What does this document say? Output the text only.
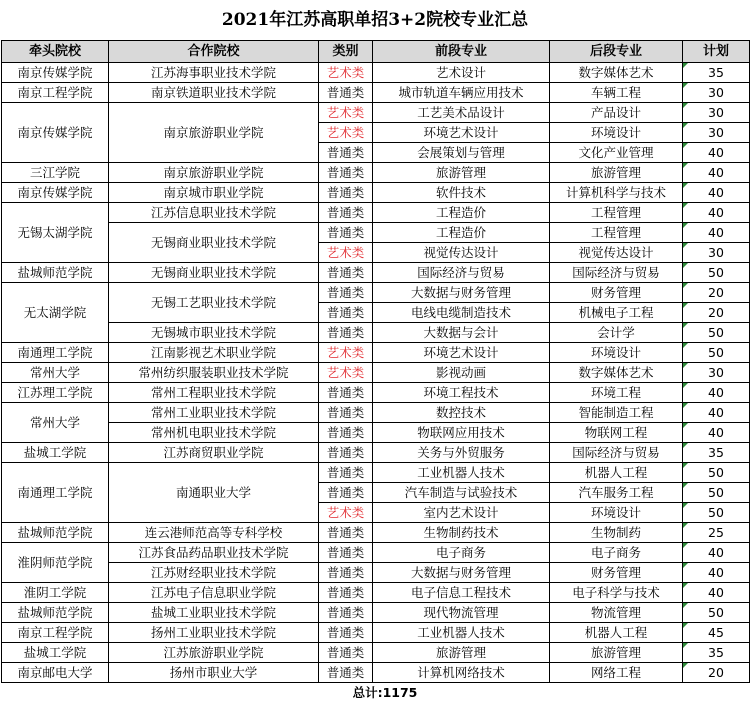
2021年江苏高职单招3+2院校专业汇总
牵头院校	合作院校	类别	前段专业	后段专业	计划
南京传媒学院	江苏海事职业技术学院	艺术类	艺术设计	数字媒体艺术	35
南京工程学院	南京铁道职业技术学院	普通类	城市轨道车辆应用技术	车辆工程	30
南京传媒学院	南京旅游职业学院	艺术类	工艺美术品设计	产品设计	30
		艺术类	环境艺术设计	环境设计	30
		普通类	会展策划与管理	文化产业管理	40
三江学院	南京旅游职业学院	普通类	旅游管理	旅游管理	40
南京传媒学院	南京城市职业学院	普通类	软件技术	计算机科学与技术	40
无锡太湖学院	江苏信息职业技术学院	普通类	工程造价	工程管理	40
	无锡商业职业技术学院	普通类	工程造价	工程管理	40
		艺术类	视觉传达设计	视觉传达设计	30
盐城师范学院	无锡商业职业技术学院	普通类	国际经济与贸易	国际经济与贸易	50
无太湖学院	无锡工艺职业技术学院	普通类	大数据与财务管理	财务管理	20
		普通类	电线电缆制造技术	机械电子工程	20
	无锡城市职业技术学院	普通类	大数据与会计	会计学	50
南通理工学院	江南影视艺术职业学院	艺术类	环境艺术设计	环境设计	50
常州大学	常州纺织服装职业技术学院	艺术类	影视动画	数字媒体艺术	30
江苏理工学院	常州工程职业技术学院	普通类	环境工程技术	环境工程	40
常州大学	常州工业职业技术学院	普通类	数控技术	智能制造工程	40
	常州机电职业技术学院	普通类	物联网应用技术	物联网工程	40
盐城工学院	江苏商贸职业学院	普通类	关务与外贸服务	国际经济与贸易	35
南通理工学院	南通职业大学	普通类	工业机器人技术	机器人工程	50
		普通类	汽车制造与试验技术	汽车服务工程	50
		艺术类	室内艺术设计	环境设计	50
盐城师范学院	连云港师范高等专科学校	普通类	生物制药技术	生物制药	25
淮阴师范学院	江苏食品药品职业技术学院	普通类	电子商务	电子商务	40
	江苏财经职业技术学院	普通类	大数据与财务管理	财务管理	40
淮阴工学院	江苏电子信息职业学院	普通类	电子信息工程技术	电子科学与技术	40
盐城师范学院	盐城工业职业技术学院	普通类	现代物流管理	物流管理	50
南京工程学院	扬州工业职业技术学院	普通类	工业机器人技术	机器人工程	45
盐城工学院	江苏旅游职业学院	普通类	旅游管理	旅游管理	35
南京邮电大学	扬州市职业大学	普通类	计算机网络技术	网络工程	20
总计:1175
